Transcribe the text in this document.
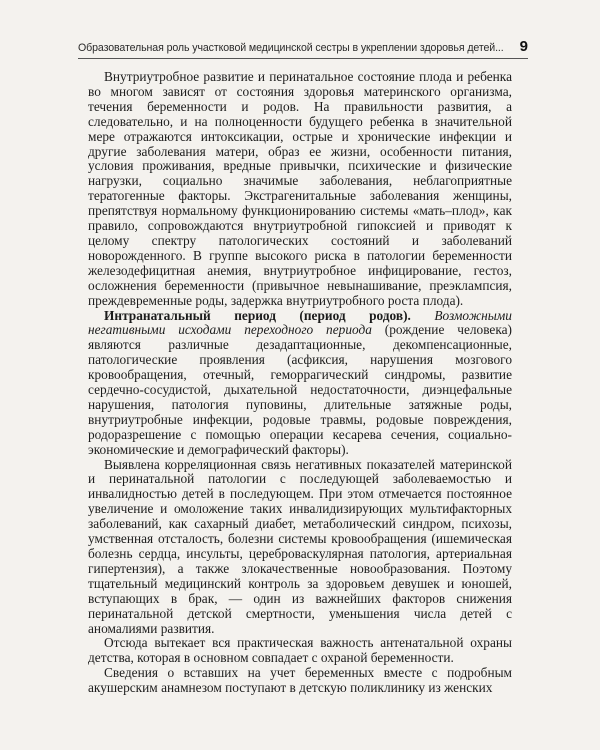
Образовательная роль участковой медицинской сестры в укреплении здоровья детей... 9

Внутриутробное развитие и перинатальное состояние плода и ребенка во многом зависят от состояния здоровья материнского организма, течения беременности и родов. На правильности развития, а следовательно, и на полноценности будущего ребенка в значительной мере отражаются интоксикации, острые и хронические инфекции и другие заболевания матери, образ ее жизни, особенности питания, условия проживания, вредные привычки, психические и физические нагрузки, социально значимые заболевания, неблагоприятные тератогенные факторы. Экстрагенитальные заболевания женщины, препятствуя нормальному функционированию системы «мать–плод», как правило, сопровождаются внутриутробной гипоксией и приводят к целому спектру патологических состояний и заболеваний новорожденного. В группе высокого риска в патологии беременности железодефицитная анемия, внутриутробное инфицирование, гестоз, осложнения беременности (привычное невынашивание, преэклампсия, преждевременные роды, задержка внутриутробного роста плода).

Интранатальный период (период родов). Возможными негативными исходами переходного периода (рождение человека) являются различные дезадаптационные, декомпенсационные, патологические проявления (асфиксия, нарушения мозгового кровообращения, отечный, геморрагический синдромы, развитие сердечно-сосудистой, дыхательной недостаточности, диэнцефальные нарушения, патология пуповины, длительные затяжные роды, внутриутробные инфекции, родовые травмы, родовые повреждения, родоразрешение с помощью операции кесарева сечения, социально-экономические и демографический факторы).

Выявлена корреляционная связь негативных показателей материнской и перинатальной патологии с последующей заболеваемостью и инвалидностью детей в последующем. При этом отмечается постоянное увеличение и омоложение таких инвалидизирующих мультифакторных заболеваний, как сахарный диабет, метаболический синдром, психозы, умственная отсталость, болезни системы кровообращения (ишемическая болезнь сердца, инсульты, цереброваскулярная патология, артериальная гипертензия), а также злокачественные новообразования. Поэтому тщательный медицинский контроль за здоровьем девушек и юношей, вступающих в брак, — один из важнейших факторов снижения перинатальной детской смертности, уменьшения числа детей с аномалиями развития.

Отсюда вытекает вся практическая важность антенатальной охраны детства, которая в основном совпадает с охраной беременности.

Сведения о вставших на учет беременных вместе с подробным акушерским анамнезом поступают в детскую поликлинику из женских
